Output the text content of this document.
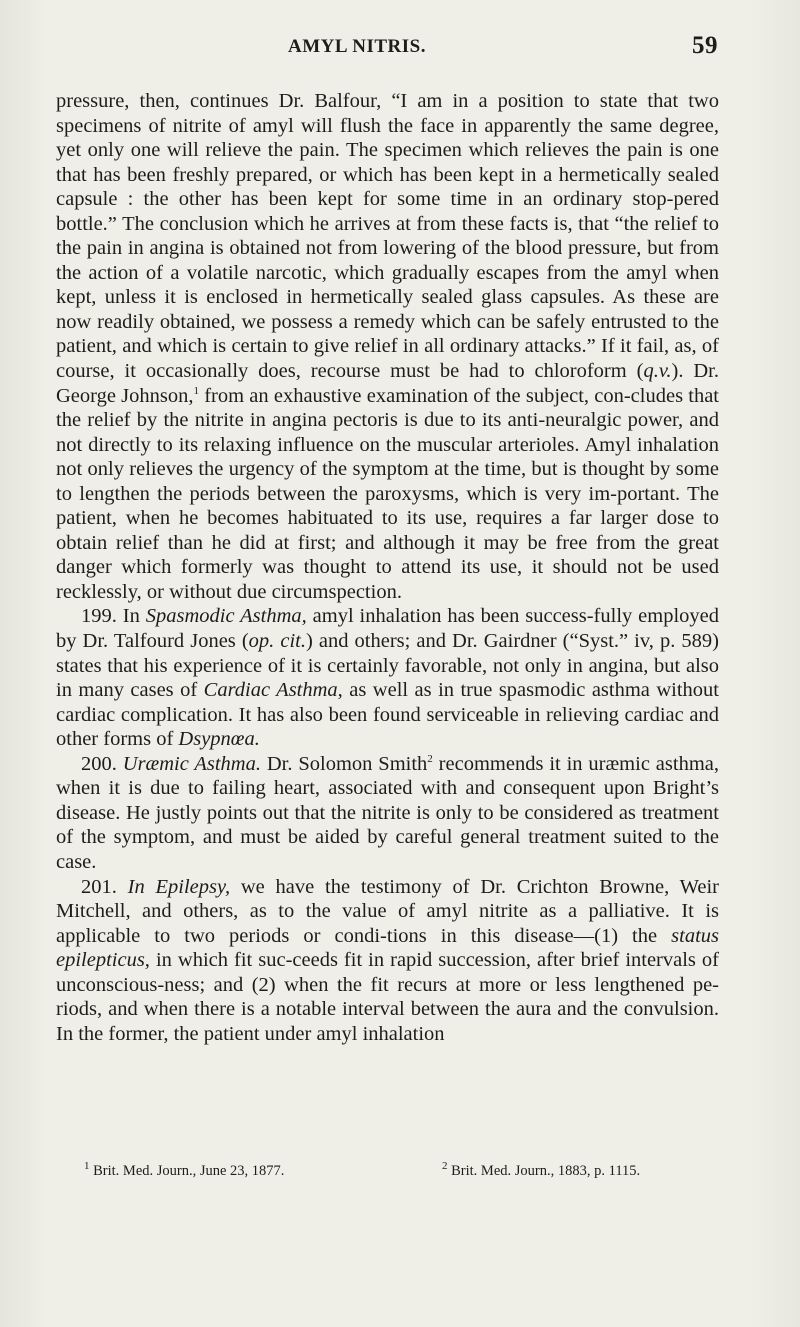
AMYL NITRIS.	59

pressure, then, continues Dr. Balfour, “I am in a position to state that two specimens of nitrite of amyl will flush the face in apparently the same degree, yet only one will relieve the pain. The specimen which relieves the pain is one that has been freshly prepared, or which has been kept in a hermetically sealed capsule : the other has been kept for some time in an ordinary stop-pered bottle.” The conclusion which he arrives at from these facts is, that “the relief to the pain in angina is obtained not from lowering of the blood pressure, but from the action of a volatile narcotic, which gradually escapes from the amyl when kept, unless it is enclosed in hermetically sealed glass capsules. As these are now readily obtained, we possess a remedy which can be safely entrusted to the patient, and which is certain to give relief in all ordinary attacks.” If it fail, as, of course, it occasionally does, recourse must be had to chloroform (q.v.). Dr. George Johnson,$^1$ from an exhaustive examination of the subject, con-cludes that the relief by the nitrite in angina pectoris is due to its anti-neuralgic power, and not directly to its relaxing influence on the muscular arterioles. Amyl inhalation not only relieves the urgency of the symptom at the time, but is thought by some to lengthen the periods between the paroxysms, which is very im-portant. The patient, when he becomes habituated to its use, requires a far larger dose to obtain relief than he did at first; and although it may be free from the great danger which formerly was thought to attend its use, it should not be used recklessly, or without due circumspection.

199. In Spasmodic Asthma, amyl inhalation has been success-fully employed by Dr. Talfourd Jones (op. cit.) and others; and Dr. Gairdner (“Syst.” iv, p. 589) states that his experience of it is certainly favorable, not only in angina, but also in many cases of Cardiac Asthma, as well as in true spasmodic asthma without cardiac complication. It has also been found serviceable in relieving cardiac and other forms of Dsypnœa.

200. Uræmic Asthma. Dr. Solomon Smith$^2$ recommends it in uræmic asthma, when it is due to failing heart, associated with and consequent upon Bright’s disease. He justly points out that the nitrite is only to be considered as treatment of the symptom, and must be aided by careful general treatment suited to the case.

201. In Epilepsy, we have the testimony of Dr. Crichton Browne, Weir Mitchell, and others, as to the value of amyl nitrite as a palliative. It is applicable to two periods or condi-tions in this disease—(1) the status epilepticus, in which fit suc-ceeds fit in rapid succession, after brief intervals of unconscious-ness; and (2) when the fit recurs at more or less lengthened pe-riods, and when there is a notable interval between the aura and the convulsion. In the former, the patient under amyl inhalation

$^1$ Brit. Med. Journ., June 23, 1877.	$^2$ Brit. Med. Journ., 1883, p. 1115.
